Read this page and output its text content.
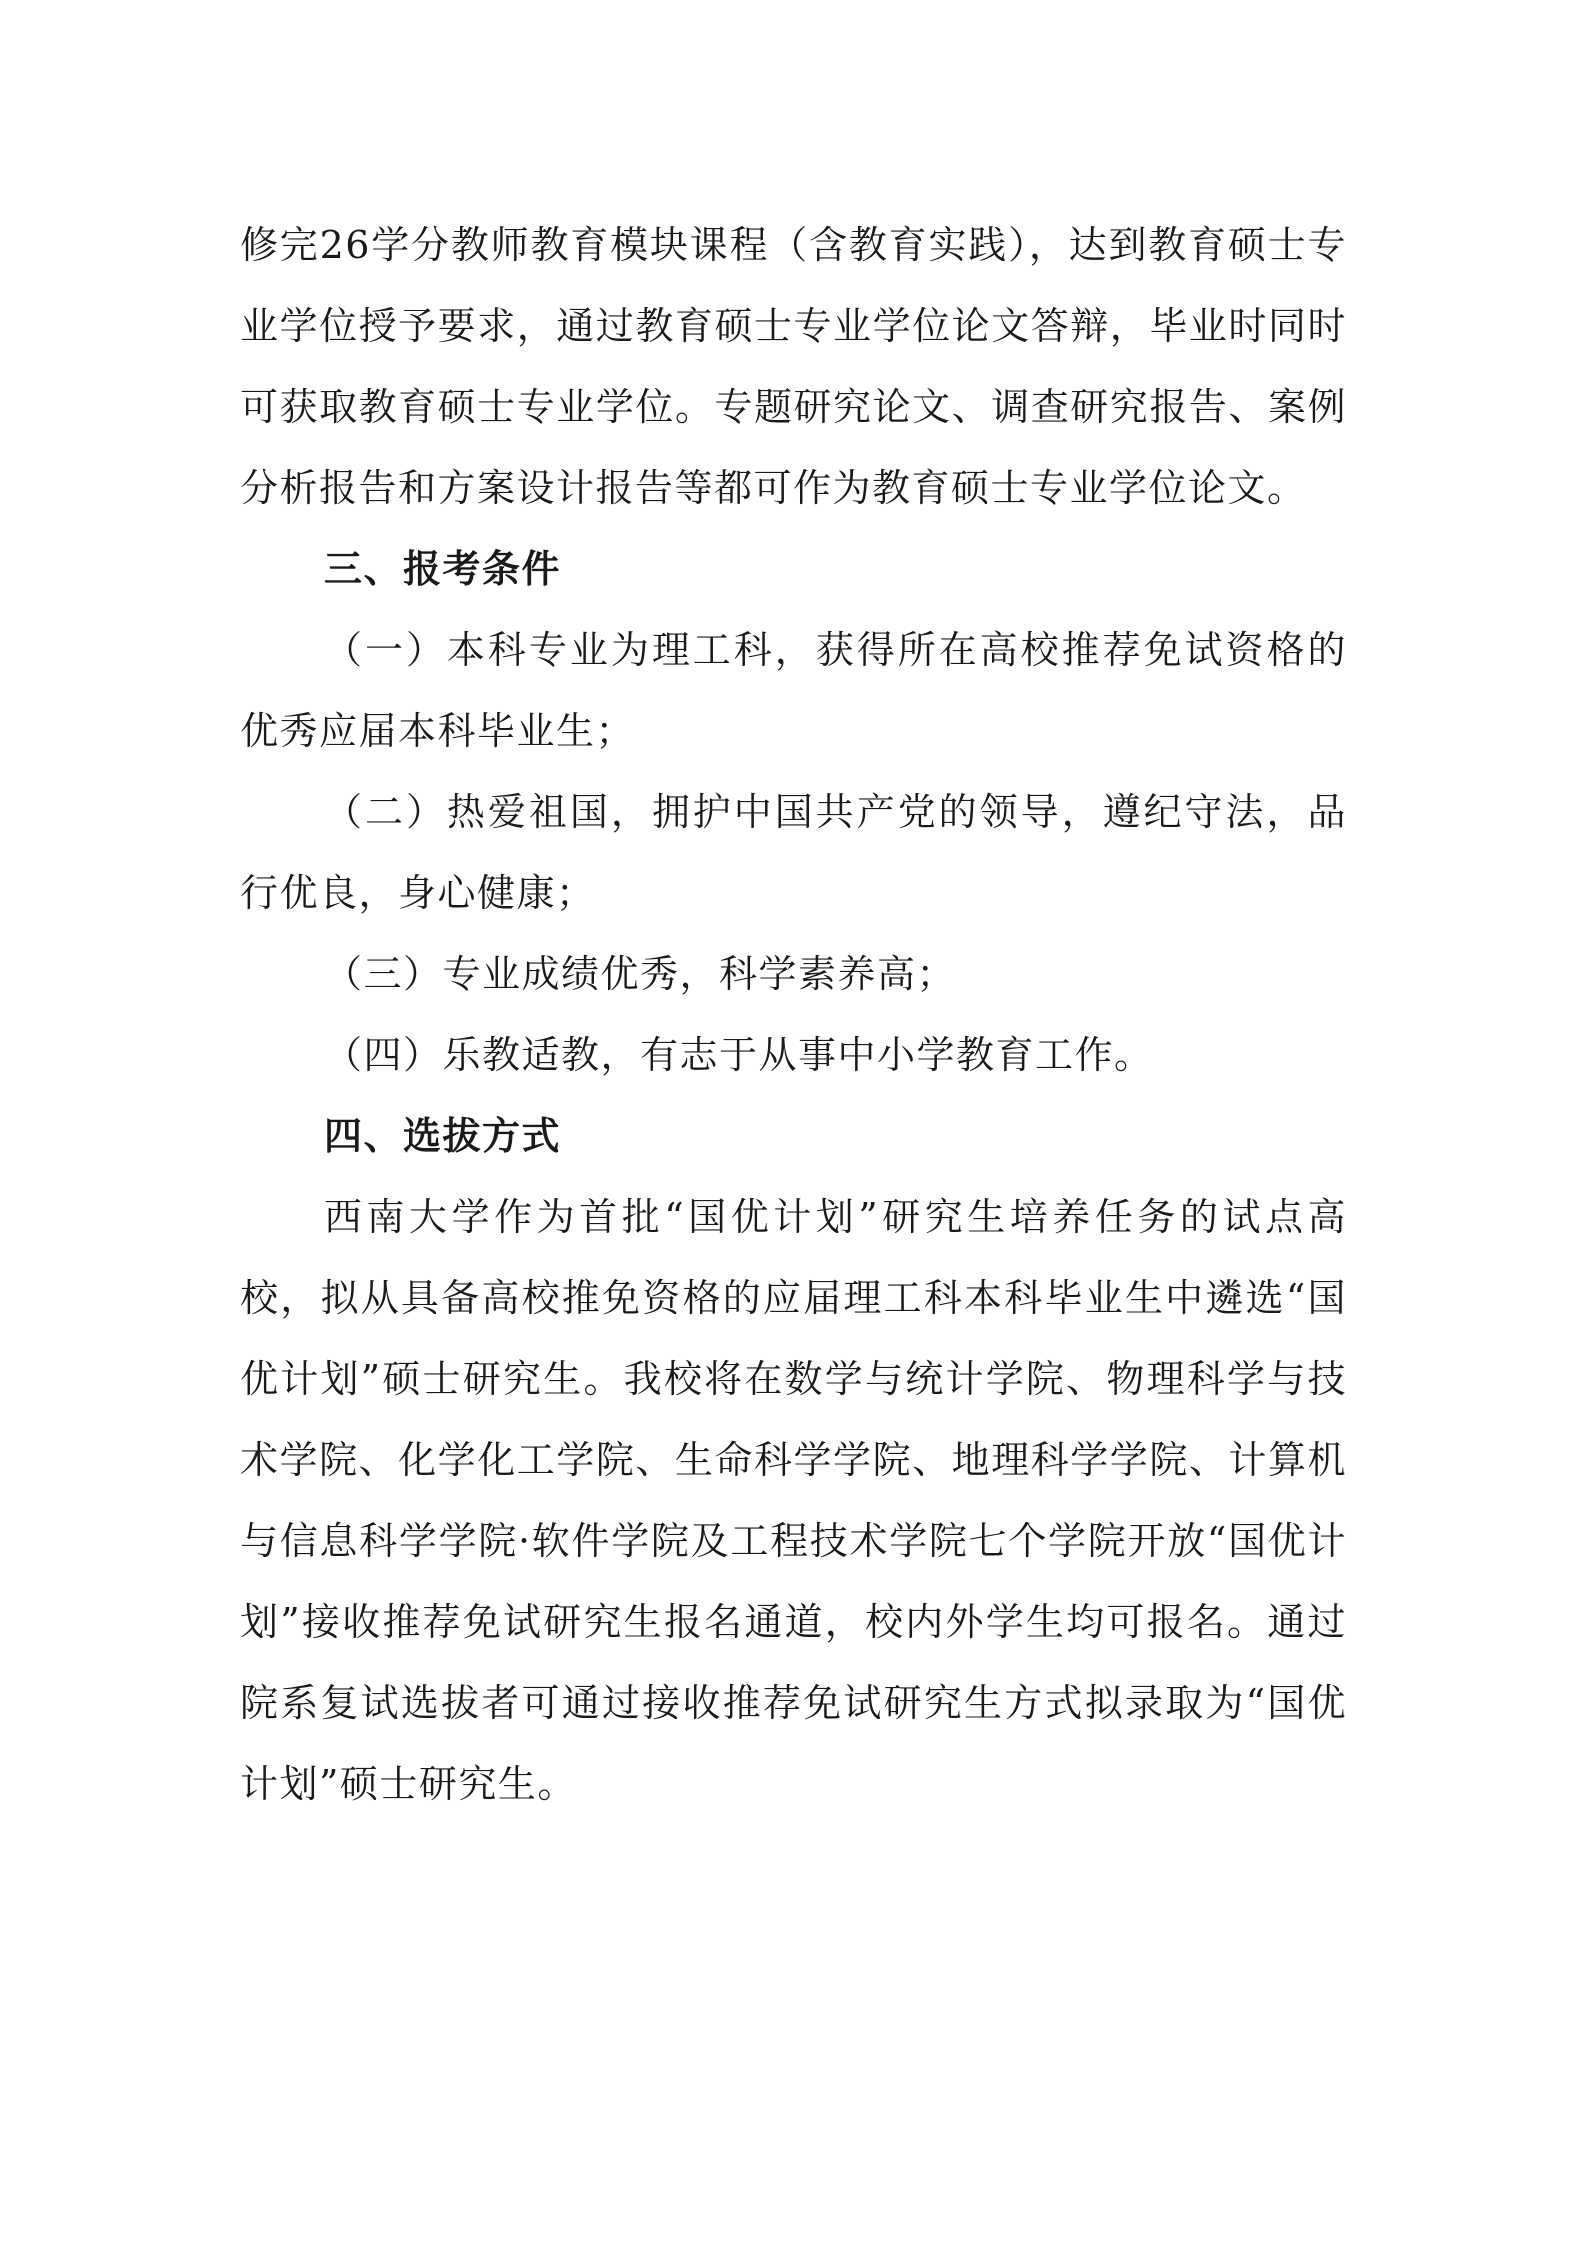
修完26学分教师教育模块课程（含教育实践），达到教育硕士专业学位授予要求，通过教育硕士专业学位论文答辩，毕业时同时可获取教育硕士专业学位。专题研究论文、调查研究报告、案例分析报告和方案设计报告等都可作为教育硕士专业学位论文。

三、报考条件

（一）本科专业为理工科，获得所在高校推荐免试资格的优秀应届本科毕业生；

（二）热爱祖国，拥护中国共产党的领导，遵纪守法，品行优良，身心健康；

（三）专业成绩优秀，科学素养高；

（四）乐教适教，有志于从事中小学教育工作。

四、选拔方式

西南大学作为首批“国优计划”研究生培养任务的试点高校，拟从具备高校推免资格的应届理工科本科毕业生中遴选“国优计划”硕士研究生。我校将在数学与统计学院、物理科学与技术学院、化学化工学院、生命科学学院、地理科学学院、计算机与信息科学学院·软件学院及工程技术学院七个学院开放“国优计划”接收推荐免试研究生报名通道，校内外学生均可报名。通过院系复试选拔者可通过接收推荐免试研究生方式拟录取为“国优计划”硕士研究生。
